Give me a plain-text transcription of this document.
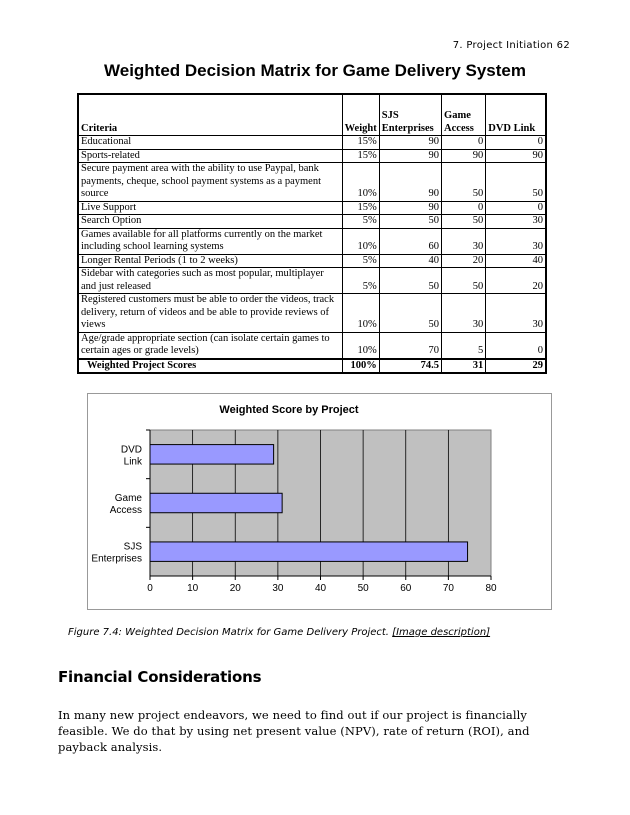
7. Project Initiation 62
Weighted Decision Matrix for Game Delivery System
Criteria	Weight	SJS Enterprises	Game Access	DVD Link
Educational	15%	90	0	0
Sports-related	15%	90	90	90
Secure payment area with the ability to use Paypal, bank payments, cheque, school payment systems as a payment source	10%	90	50	50
Live Support	15%	90	0	0
Search Option	5%	50	50	30
Games available for all platforms currently on the market including school learning systems	10%	60	30	30
Longer Rental Periods (1 to 2 weeks)	5%	40	20	40
Sidebar with categories such as most popular, multiplayer and just released	5%	50	50	20
Registered customers must be able to order the videos, track delivery, return of videos and be able to provide reviews of views	10%	50	30	30
Age/grade appropriate section (can isolate certain games to certain ages or grade levels)	10%	70	5	0
Weighted Project Scores	100%	74.5	31	29
Weighted Score by Project
0	10	20	30	40	50	60	70	80
DVD Link
Game Access
SJS Enterprises
Figure 7.4: Weighted Decision Matrix for Game Delivery Project. [Image description]
Financial Considerations
In many new project endeavors, we need to find out if our project is financially feasible. We do that by using net present value (NPV), rate of return (ROI), and payback analysis.
